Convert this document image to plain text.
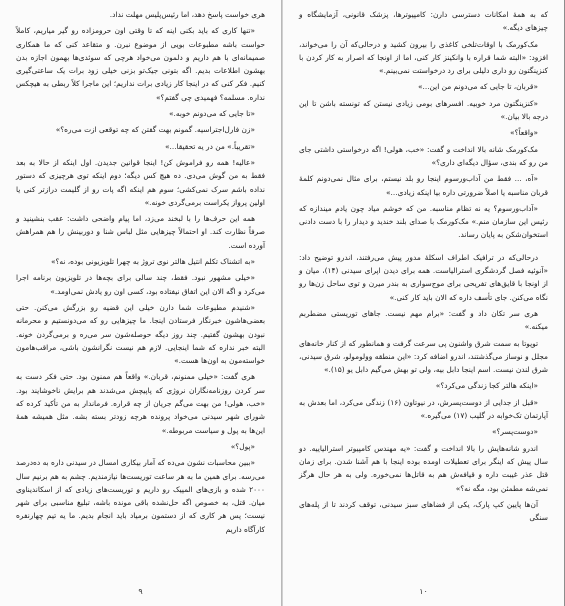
هری خواست پاسخ دهد، اما رئیس‌پلیس مهلت نداد.

«تنها کاری که باید بکنی اینه که تا وقتی اون حرومزاده رو گیر میاریم، کاملاً حواست باشه مطبوعات بویی از موضوع نبرن. و متقاعد کنی که ما همکاری صمیمانه‌ای با هم داریم و دلمون می‌خواد هرچی که سوئدی‌ها بهمون اجازه بدن بهشون اطلاعات بدیم. اگه بتونی جیک‌تو بزنی خیلی زود برات یک ساعتی‌گیری کنیم. فکر کنی که در اینجا کار زیادی برات نداریم؛ این ماجرا کلاً ربطی به هیچکس نداره. مسلمه؟ فهمیدی چی گفتم؟»

«تا جایی که می‌دونم خوبه.»

«زن فارل‌اجتراسیه. گمونم بهت گفتن که چه توقعی ازت می‌ره؟»

«تقریباً.» من در یه تحقیقا...»

«عالیه! همه رو فراموش کن! اینجا قوانین جدیدن. اول اینکه از حالا به بعد فقط به من گوش می‌دی. ده هیچ کس دیگه؛ دوم اینکه توی هرچیزی که دستور نداده باشم سرک نمی‌کشی؛ سوم هم اینکه اگه پات رو از گلیمت درازتر کنی یا اولین پرواز یکراست برمی‌گردی خونه.»

همه این حرف‌ها را با لبخند می‌زد، اما پیام واضحی داشت: عقب بنشینید و صرفاً نظارت کند. او احتمالاً چیزهایی مثل لباس شنا و دوربینش را هم همراهش آورده است.

«به اتشناک تکلم انتیل هالتر نوی تروژ به چهرا تلویزیونی بوده، نه؟»

«خیلی مشهور نبود. فقط، چند سالی برای بچه‌ها در تلویزیون برنامه اجرا می‌کرد و اگه الان این اتفاق نیفتاده بود، کسی اون رو یادش نمی‌اومد.»

«شنیدم مطبوعات شما دارن خیلی این قضیه رو بزرگش می‌کنن. حتی بعضی‌هاشون خبرنگار فرستادن اینجا. ما چیزهایی رو که می‌دونستیم و محرمانه نبودن بهشون گفتیم. چند روز دیگه حوصله‌شون سر می‌ره و برمی‌گردن خونه. البته خبر نداره که شما اینجایی. لازم هم نیست نگرانشون باشی، مراقب‌هامون خواسته‌مون به اون‌ها هست.»

هری گفت: «خیلی ممنونم، قربان.» واقعاً هم ممنون بود. حتی فکر دست به سر کردن روزنامه‌نگاران نروژی که پاپیچش می‌شدند هم برایش ناخوشایند بود. «خب، هولی! من بهت می‌گم جریان از چه قراره. فرماندار به من تأکید کرده که شورای شهر سیدنی می‌خواد پرونده هرچه زودتر بسته بشه. مثل همیشه همهٔ این‌ها به پول و سیاست مربوطه.»

«پول؟»

«ببین محاسبات نشون می‌ده که آمار بیکاری امسال در سیدنی داره به ده‌درصد می‌رسه. برای همین ما به هر ساعت توریست‌ها نیازمندیم. چشم به هم برنیم سال ۲۰۰۰ شده و بازی‌های المپیک رو داریم و توریست‌های زیادی که از اسکاندیناوی میان. قتل، به خصوص اگه حل‌نشده باقی مونده باشه، تبلیغ مناسبی برای شهر نیست؛ پس هر کاری که از دستمون برمیاد باید انجام بدیم. ما یه تیم چهارنفره کارآگاه داریم

۹

که به همهٔ امکانات دسترسی دارن: کامپیوترها، پزشک قانونی، آزمایشگاه و چیزهای دیگه.»

مک‌کورمک با اوقات‌تلخی کاغذی را بیرون کشید و درحالی‌که آن را می‌خواند، افزود: «البته شما قراره با وانکینز کار کنی، اما از اونجا که اصرار به کار کردن با کنزینگتون رو داری دلیلی برای رد درخواستت نمی‌بینم.»

«قربان، تا جایی که می‌دونم من این...»

«کنزینگتون مرد خوبیه. افسرهای بومی زیادی نیستن که تونسته باشن تا این درجه بالا بیان.»

«واقعاً؟»

مک‌کورمک شانه بالا انداخت و گفت: «خب، هولی! اگه درخواستی داشتی جای من رو که بندی، سؤال دیگه‌ای داری؟»

«آه، ... فقط من آداب‌ورسوم اینجا رو بلد نیستم، برای مثال نمی‌دونم کلمهٔ قربان مناسبه یا اصلاً ضرورتی داره بیا اینکه زیادی...»

«آداب‌ورسوم؟ یه نه تظام مناسبه. من که خوشم میاد چون یادم میندازه که رئیس این سازمان منم.» مک‌کورمک با صدای بلند خندید و دیدار را با دست دادنی استخوان‌شکن به پایان رساند.

درحالی‌که در ترافیک اطراف اسکلهٔ مدور پیش می‌رفتند، اندرو توضیح داد: «آنوئیه فصل گردشگری استرالیاست. همه برای دیدن اپرای سیدنی (۱۴)، میان و از اونجا با قایق‌های تفریحی برای موج‌سواری به بندر میرن و توی ساحل زن‌ها رو نگاه می‌کنن. جای تأسف داره که الان باید کار کنی.»

هری سر تکان داد و گفت: «برام مهم نیست. جاهای توریستی مضطربم میکنه.»

توپوتا به سمت شرق واشنون پی سرعت گرفت و همانطور که از کنار خانه‌های مجلل و نوساز می‌گذشتند، اندرو اضافه کرد: «این منطقه وولومولو، شرق سیدنی، شرق لندن نیست. اسم اینجا دابل بیه، ولی تو بهش می‌گیم دابل یو (۱۵).»

«اینکه هالتر کجا زندگی می‌کرد؟»

«قبل از جدایی از دوست‌پسرش، در نیوتاون (۱۶) زندگی می‌کرد، اما بعدش به آپارتمان تک‌خوابه در گلیب (۱۷) می‌گیره.»

«دوست‌پسر؟»

اندرو شانه‌هایش را بالا انداخت و گفت: «یه مهندس کامپیوتر استرالیاییه. دو سال پیش که اینگر برای تعطیلات اومده بوده اینجا با هم آشنا شدن. برای زمان قتل عذر غیبت داره و قیافه‌ش هم به قاتل‌ها نمی‌خوره. ولی به هر حال هرگز نمی‌شه مطمئن بود، مگه نه؟»

آن‌ها پایین کپ پارک، یکی از فضاهای سبز سیدنی، توقف کردند تا از پله‌های سنگی

۱۰
